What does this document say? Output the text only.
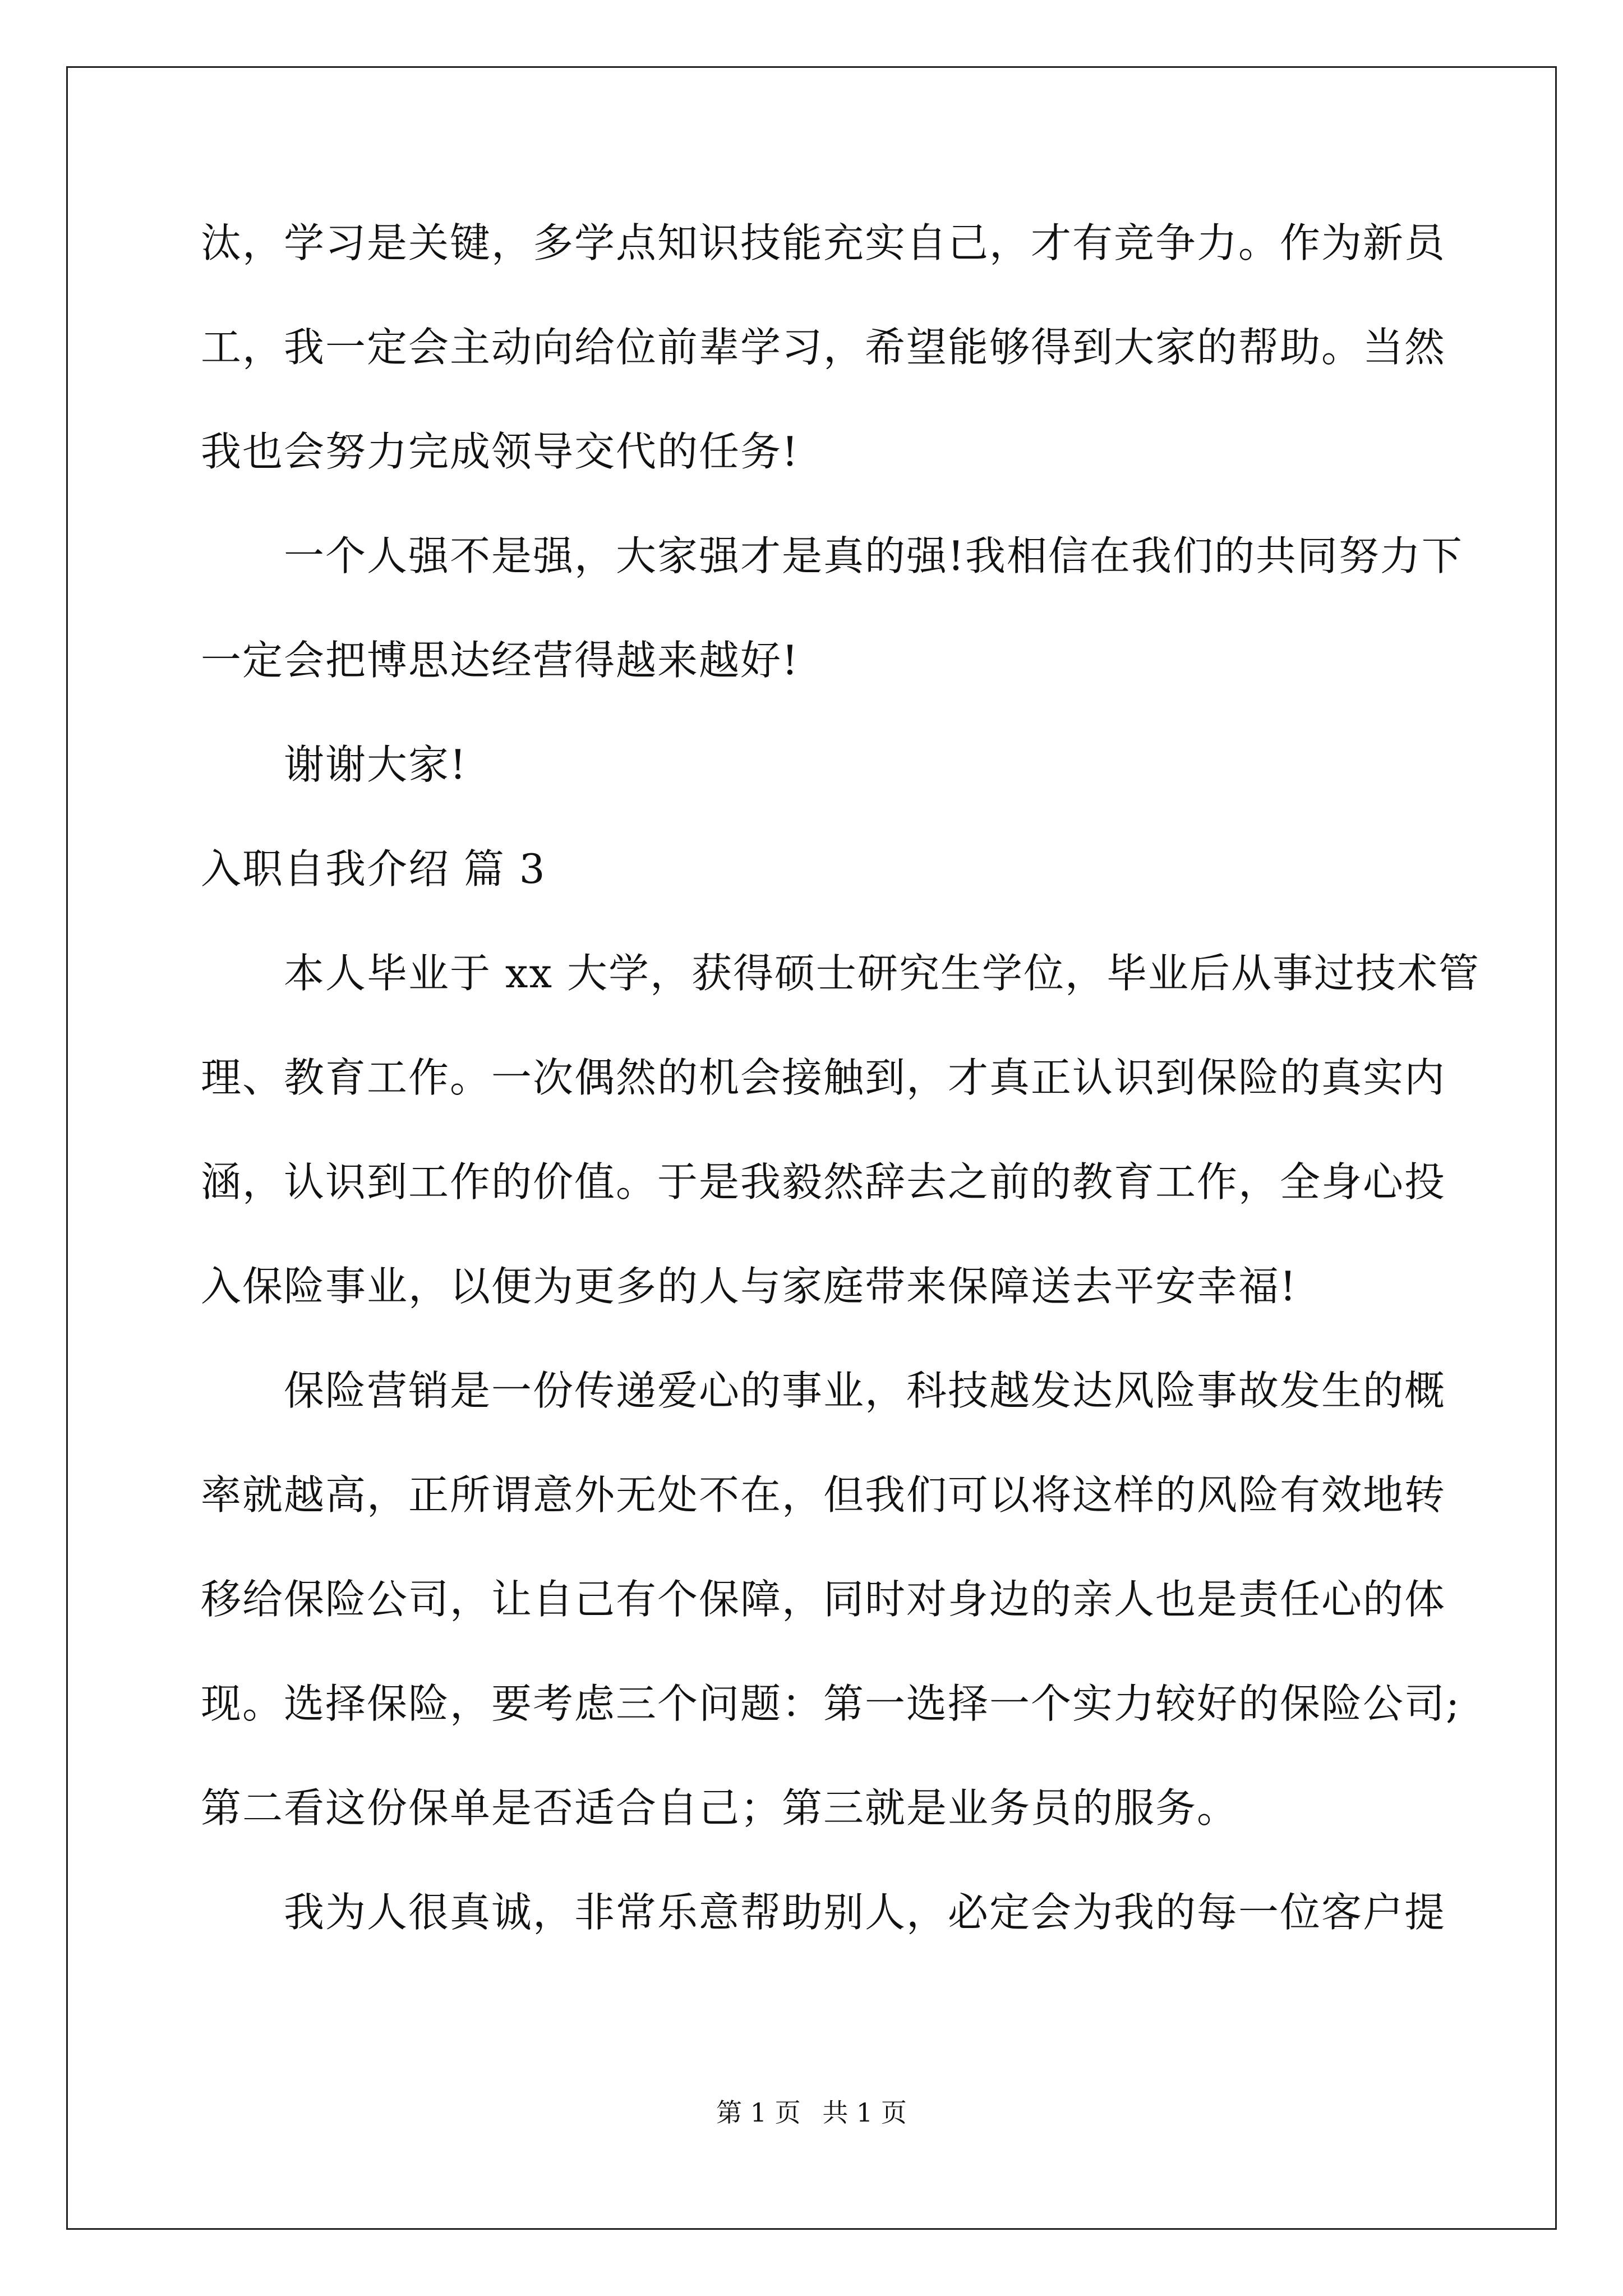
汰，学习是关键，多学点知识技能充实自己，才有竞争力。作为新员
工，我一定会主动向给位前辈学习，希望能够得到大家的帮助。当然
我也会努力完成领导交代的任务!
一个人强不是强，大家强才是真的强!我相信在我们的共同努力下
一定会把博思达经营得越来越好!
谢谢大家!
入职自我介绍 篇 3
本人毕业于 xx 大学，获得硕士研究生学位，毕业后从事过技术管
理、教育工作。一次偶然的机会接触到，才真正认识到保险的真实内
涵，认识到工作的价值。于是我毅然辞去之前的教育工作，全身心投
入保险事业，以便为更多的人与家庭带来保障送去平安幸福!
保险营销是一份传递爱心的事业，科技越发达风险事故发生的概
率就越高，正所谓意外无处不在，但我们可以将这样的风险有效地转
移给保险公司，让自己有个保障，同时对身边的亲人也是责任心的体
现。选择保险，要考虑三个问题：第一选择一个实力较好的保险公司;
第二看这份保单是否适合自己；第三就是业务员的服务。
我为人很真诚，非常乐意帮助别人，必定会为我的每一位客户提
第 1 页 共 1 页
